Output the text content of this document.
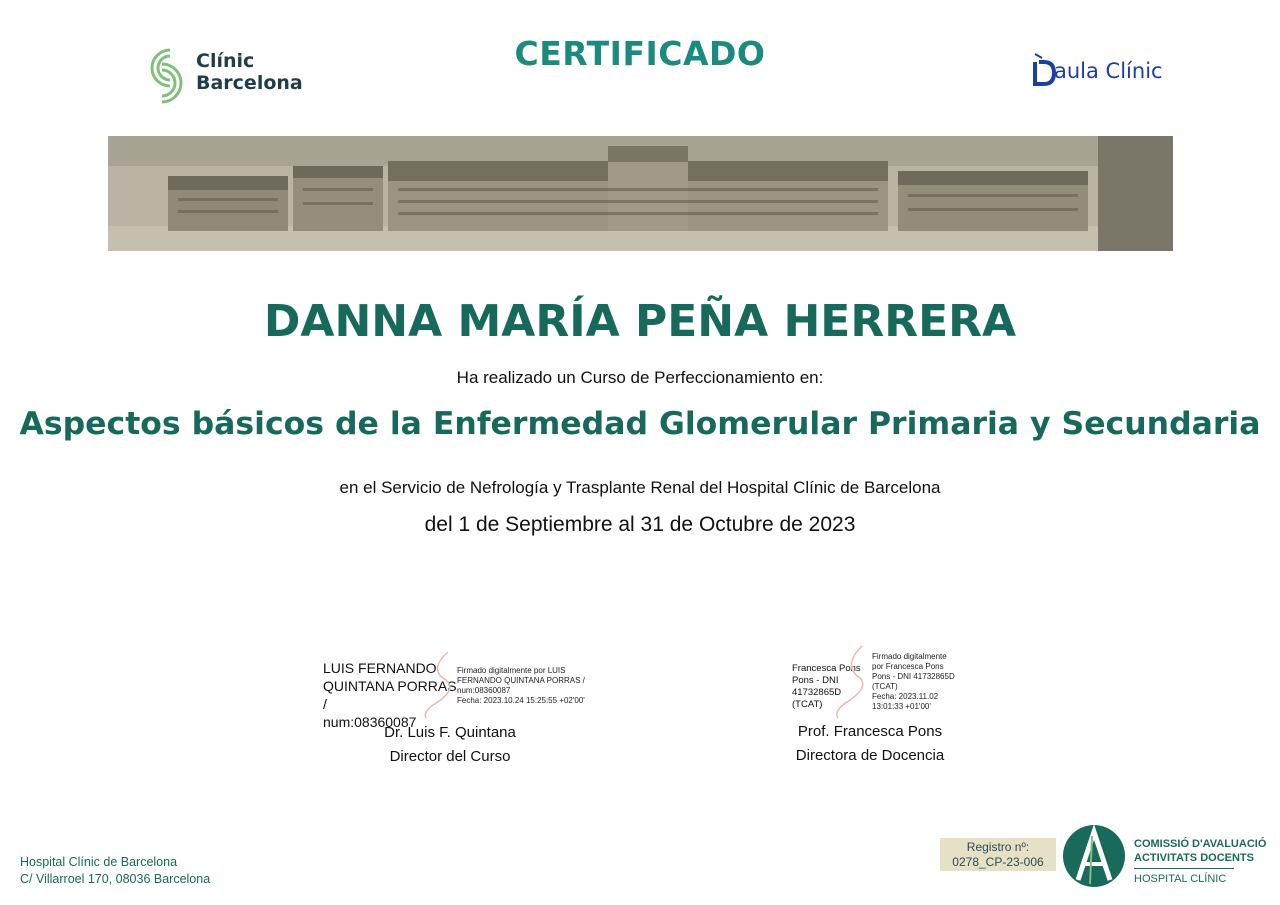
Clínic
Barcelona
CERTIFICADO	aula Clínic
DANNA MARÍA PEÑA HERRERA
Ha realizado un Curso de Perfeccionamiento en:
Aspectos básicos de la Enfermedad Glomerular Primaria y Secundaria
en el Servicio de Nefrología y Trasplante Renal del Hospital Clínic de Barcelona
del 1 de Septiembre al 31 de Octubre de 2023
LUIS FERNANDO
QUINTANA PORRAS /
num:08360087
Firmado digitalmente por LUIS
FERNANDO QUINTANA PORRAS /
num:08360087
Fecha: 2023.10.24 15:25:55 +02'00'
Dr. Luis F. Quintana
Director del Curso
Francesca Pons
Pons - DNI
41732865D (TCAT)
Firmado digitalmente
por Francesca Pons
Pons - DNI 41732865D
(TCAT)
Fecha: 2023.11.02
13:01:33 +01'00'
Prof. Francesca Pons
Directora de Docencia
Hospital Clínic de Barcelona
C/ Villarroel 170, 08036 Barcelona
Registro nº:
0278_CP-23-006
COMISSIÓ D'AVALUACIÓ
ACTIVITATS DOCENTS
HOSPITAL CLÍNIC
